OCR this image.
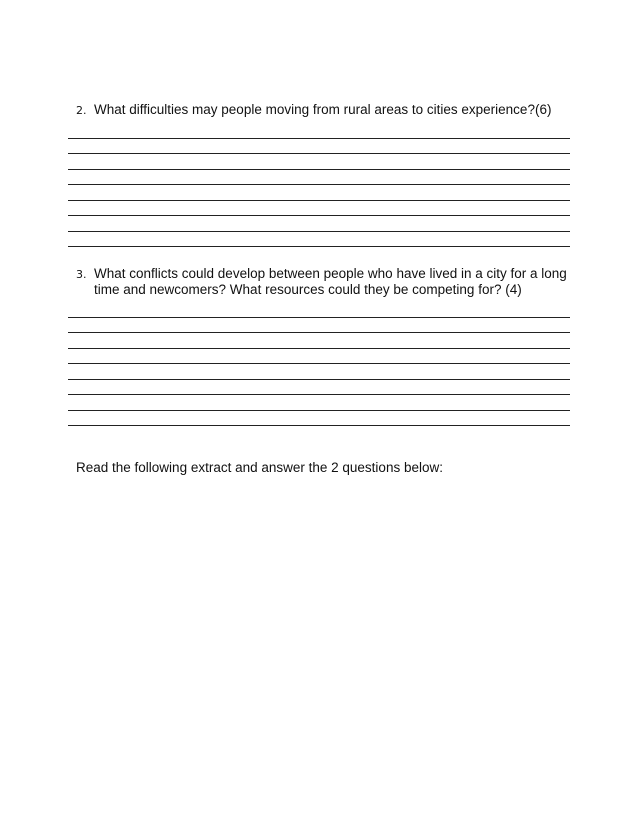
2. What difficulties may people moving from rural areas to cities experience?(6)
3. What conflicts could develop between people who have lived in a city for a long time and newcomers? What resources could they be competing for? (4)
Read the following extract and answer the 2 questions below:
